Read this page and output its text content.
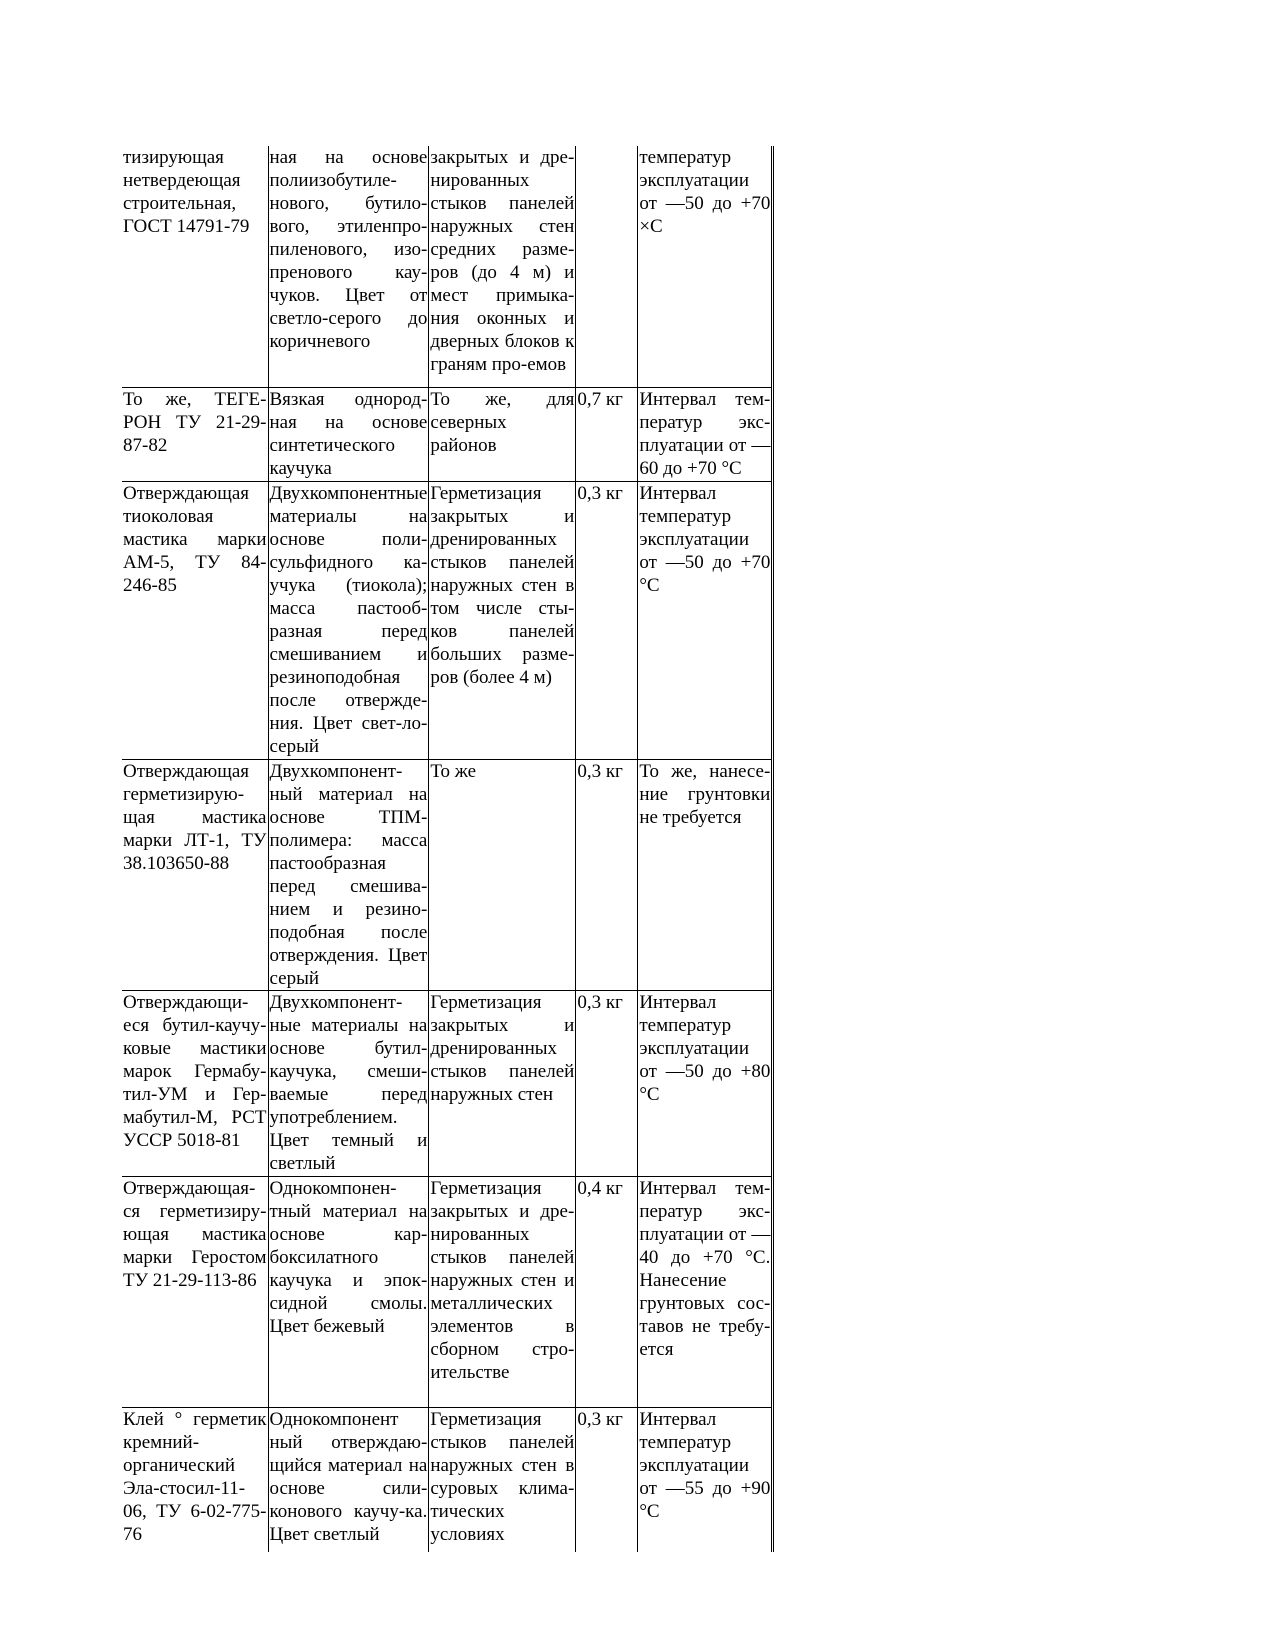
тизирующая нетвердеющая строительная, ГОСТ 14791-79	ная на основе полиизобутиле-нового, бутило-вого, этиленпро-пиленового, изо-пренового кау-чуков. Цвет от светло-серого до коричневого	закрытых и дре-нированных стыков панелей наружных стен средних разме-ров (до 4 м) и мест примыка-ния оконных и дверных блоков к граням про-емов		температур эксплуатации от —50 до +70 ×С
То же, ТЕГЕ-РОН ТУ 21-29-87-82	Вязкая однород-ная на основе синтетического каучука	То же, для северных районов	0,7 кг	Интервал тем-ператур экс-плуатации от —60 до +70 °С
Отверждающая тиоколовая мастика марки АМ-5, ТУ 84-246-85	Двухкомпонентные материалы на основе поли-сульфидного ка-учука (тиокола); масса пастооб-разная перед смешиванием и резиноподобная после отвержде-ния. Цвет свет-ло-серый	Герметизация закрытых и дренированных стыков панелей наружных стен в том числе сты-ков панелей больших разме-ров (более 4 м)	0,3 кг	Интервал температур эксплуатации от —50 до +70 °С
Отверждающая герметизирую-щая мастика марки ЛТ-1, ТУ 38.103650-88	Двухкомпонент-ный материал на основе ТПМ-полимера: масса пастообразная перед смешива-нием и резино-подобная после отверждения. Цвет серый	То же	0,3 кг	То же, нанесе-ние грунтовки не требуется
Отверждающи-еся бутил-каучу-ковые мастики марок Гермабу-тил-УМ и Гер-мабутил-М, РСТ УССР 5018-81	Двухкомпонент-ные материалы на основе бутил-каучука, смеши-ваемые перед употреблением. Цвет темный и светлый	Герметизация закрытых и дренированных стыков панелей наружных стен	0,3 кг	Интервал температур эксплуатации от —50 до +80 °С
Отверждающая-ся герметизиру-ющая мастика марки Геростом ТУ 21-29-113-86	Однокомпонен-тный материал на основе кар-боксилатного каучука и эпок-сидной смолы. Цвет бежевый	Герметизация закрытых и дре-нированных стыков панелей наружных стен и металлических элементов в сборном стро-ительстве	0,4 кг	Интервал тем-ператур экс-плуатации от —40 до +70 °С. Нанесение грунтовых сос-тавов не требу-ется
Клей ° герметик кремний-органический Эла-стосил-11-06, ТУ 6-02-775-76	Однокомпонент ный отверждаю-щийся материал на основе сили-конового каучу-ка. Цвет светлый	Герметизация стыков панелей наружных стен в суровых клима-тических условиях	0,3 кг	Интервал температур эксплуатации от —55 до +90 °С
